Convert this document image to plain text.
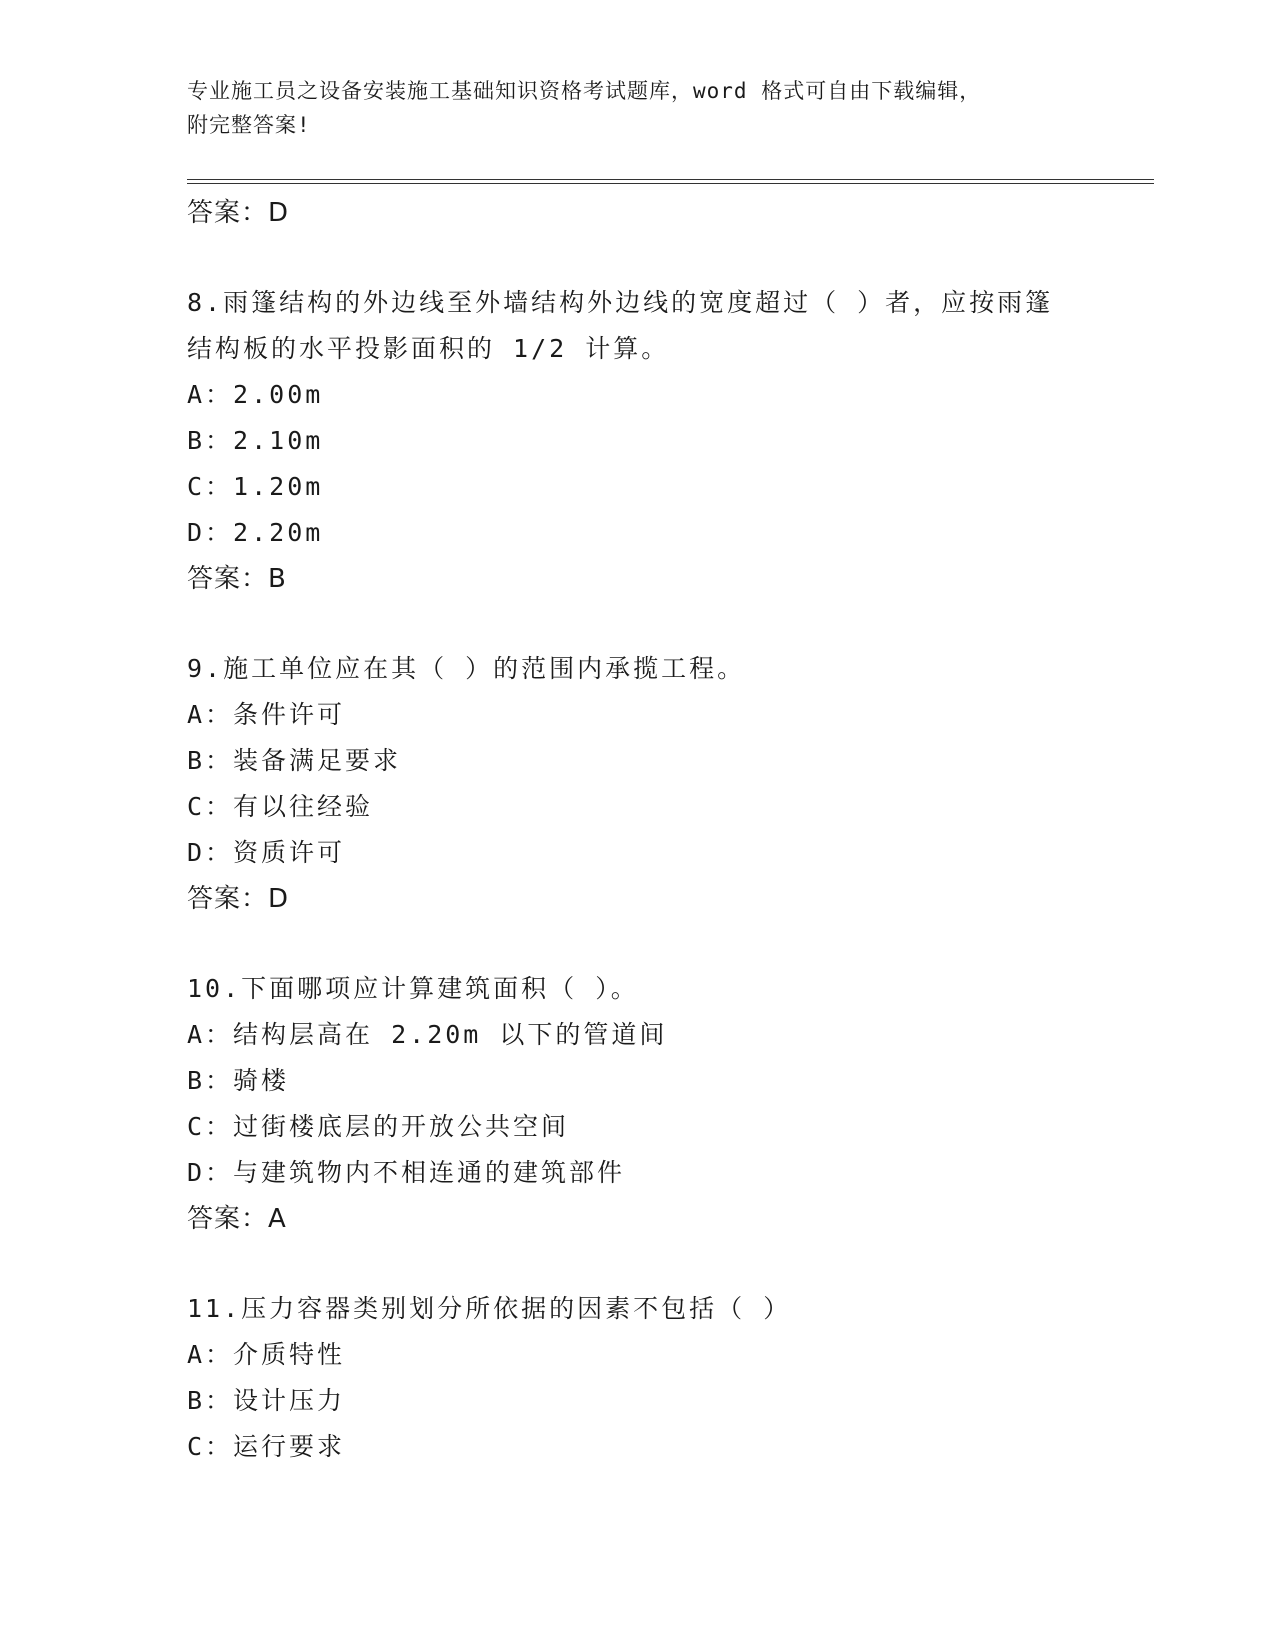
专业施工员之设备安装施工基础知识资格考试题库，word 格式可自由下载编辑，
附完整答案!
答案：D
8.雨篷结构的外边线至外墙结构外边线的宽度超过（ ）者，应按雨篷
结构板的水平投影面积的 1/2 计算。
A：2.00m
B：2.10m
C：1.20m
D：2.20m
答案：B
9.施工单位应在其（ ）的范围内承揽工程。
A：条件许可
B：装备满足要求
C：有以往经验
D：资质许可
答案：D
10.下面哪项应计算建筑面积（ ）。
A：结构层高在 2.20m 以下的管道间
B：骑楼
C：过街楼底层的开放公共空间
D：与建筑物内不相连通的建筑部件
答案：A
11.压力容器类别划分所依据的因素不包括（ ）
A：介质特性
B：设计压力
C：运行要求
